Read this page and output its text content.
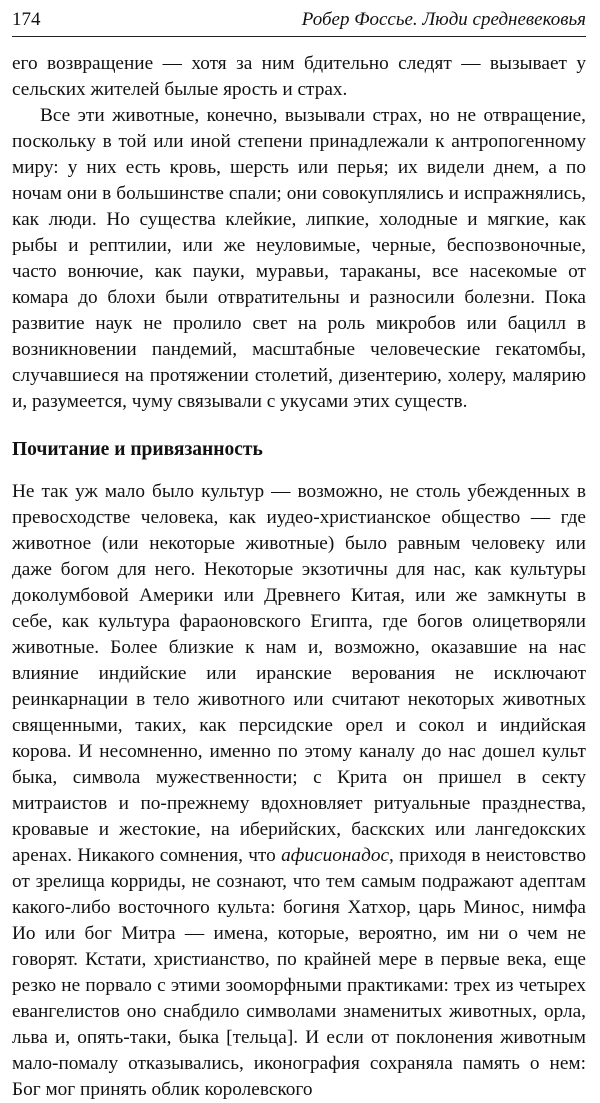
174	Робер Фоссье. Люди средневековья

его возвращение — хотя за ним бдительно следят — вызывает у сельских жителей былые ярость и страх.

Все эти животные, конечно, вызывали страх, но не отвращение, поскольку в той или иной степени принадлежали к антропогенному миру: у них есть кровь, шерсть или перья; их видели днем, а по ночам они в большинстве спали; они совокуплялись и испражнялись, как люди. Но существа клейкие, липкие, холодные и мягкие, как рыбы и рептилии, или же неуловимые, черные, беспозвоночные, часто вонючие, как пауки, муравьи, тараканы, все насекомые от комара до блохи были отвратительны и разносили болезни. Пока развитие наук не пролило свет на роль микробов или бацилл в возникновении пандемий, масштабные человеческие гекатомбы, случавшиеся на протяжении столетий, дизентерию, холеру, малярию и, разумеется, чуму связывали с укусами этих существ.

Почитание и привязанность

Не так уж мало было культур — возможно, не столь убежденных в превосходстве человека, как иудео-христианское общество — где животное (или некоторые животные) было равным человеку или даже богом для него. Некоторые экзотичны для нас, как культуры доколумбовой Америки или Древнего Китая, или же замкнуты в себе, как культура фараоновского Египта, где богов олицетворяли животные. Более близкие к нам и, возможно, оказавшие на нас влияние индийские или иранские верования не исключают реинкарнации в тело животного или считают некоторых животных священными, таких, как персидские орел и сокол и индийская корова. И несомненно, именно по этому каналу до нас дошел культ быка, символа мужественности; с Крита он пришел в секту митраистов и по-прежнему вдохновляет ритуальные празднества, кровавые и жестокие, на иберийских, баскских или лангедокских аренах. Никакого сомнения, что афисионадос, приходя в неистовство от зрелища корриды, не сознают, что тем самым подражают адептам какого-либо восточного культа: богиня Хатхор, царь Минос, нимфа Ио или бог Митра — имена, которые, вероятно, им ни о чем не говорят. Кстати, христианство, по крайней мере в первые века, еще резко не порвало с этими зооморфными практиками: трех из четырех евангелистов оно снабдило символами знаменитых животных, орла, льва и, опять-таки, быка [тельца]. И если от поклонения животным мало-помалу отказывались, иконография сохраняла память о нем: Бог мог принять облик королевского
